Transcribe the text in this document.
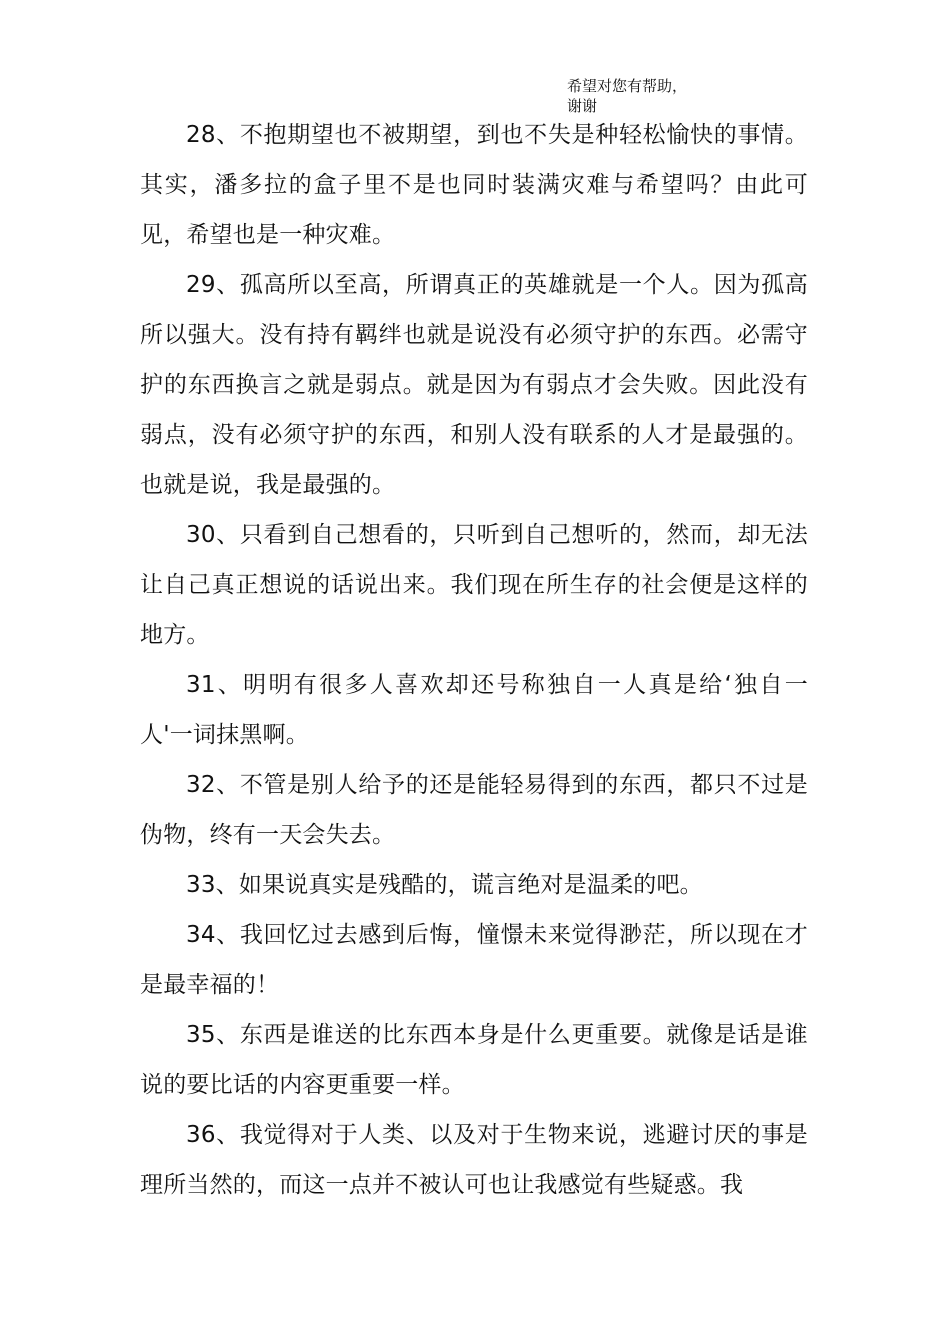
希望对您有帮助，
谢谢

28、不抱期望也不被期望，到也不失是种轻松愉快的事情。其实，潘多拉的盒子里不是也同时装满灾难与希望吗？由此可见，希望也是一种灾难。

29、孤高所以至高，所谓真正的英雄就是一个人。因为孤高所以强大。没有持有羁绊也就是说没有必须守护的东西。必需守护的东西换言之就是弱点。就是因为有弱点才会失败。因此没有弱点，没有必须守护的东西，和别人没有联系的人才是最强的。也就是说，我是最强的。

30、只看到自己想看的，只听到自己想听的，然而，却无法让自己真正想说的话说出来。我们现在所生存的社会便是这样的地方。

31、明明有很多人喜欢却还号称独自一人真是给‘独自一人'一词抹黑啊。

32、不管是别人给予的还是能轻易得到的东西，都只不过是伪物，终有一天会失去。

33、如果说真实是残酷的，谎言绝对是温柔的吧。

34、我回忆过去感到后悔，憧憬未来觉得渺茫，所以现在才是最幸福的！

35、东西是谁送的比东西本身是什么更重要。就像是话是谁说的要比话的内容更重要一样。

36、我觉得对于人类、以及对于生物来说，逃避讨厌的事是理所当然的，而这一点并不被认可也让我感觉有些疑惑。我
